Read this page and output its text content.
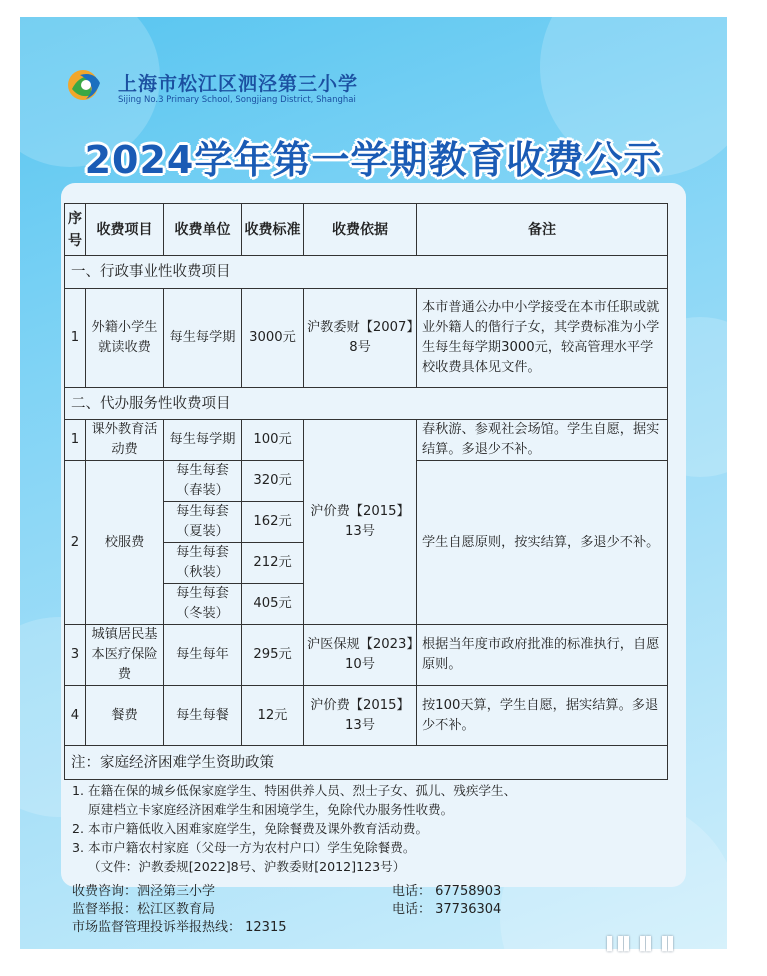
上海市松江区泗泾第三小学
Sijing No.3 Primary School, Songjiang District, Shanghai
2024学年第一学期教育收费公示
序号	收费项目	收费单位	收费标准	收费依据	备注
一、行政事业性收费项目					
1	外籍小学生就读收费	每生每学期	3000元	沪教委财【2007】8号	本市普通公办中小学接受在本市任职或就业外籍人的偕行子女，其学费标准为小学生每生每学期3000元，较高管理水平学校收费具体见文件。
二、代办服务性收费项目					
1	课外教育活动费	每生每学期	100元	沪价费【2015】13号	春秋游、参观社会场馆。学生自愿，据实结算。多退少不补。
2	校服费	每生每套（春装）	320元		学生自愿原则，按实结算，多退少不补。
		每生每套（夏装）	162元		
		每生每套（秋装）	212元		
		每生每套（冬装）	405元		
3	城镇居民基本医疗保险费	每生每年	295元	沪医保规【2023】10号	根据当年度市政府批准的标准执行，自愿原则。
4	餐费	每生每餐	12元	沪价费【2015】13号	按100天算，学生自愿，据实结算。多退少不补。
注：家庭经济困难学生资助政策					
1. 在籍在保的城乡低保家庭学生、特困供养人员、烈士子女、孤儿、残疾学生、
原建档立卡家庭经济困难学生和困境学生，免除代办服务性收费。
2. 本市户籍低收入困难家庭学生，免除餐费及课外教育活动费。
3. 本市户籍农村家庭（父母一方为农村户口）学生免除餐费。
（文件：沪教委规[2022]8号、沪教委财[2012]123号）
收费咨询：泗泾第三小学	电话： 67758903
监督举报：松江区教育局	电话： 37736304
市场监督管理投诉举报热线： 12315
▐▐▌▐▌▐▌
